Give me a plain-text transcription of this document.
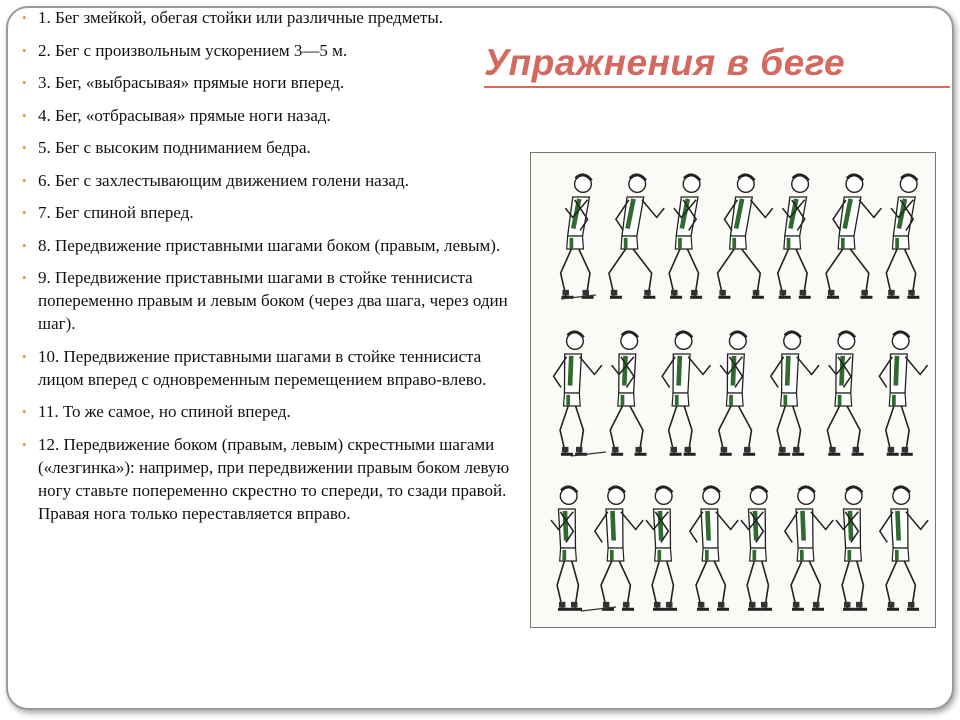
Упражнения в беге
• 1. Бег змейкой, обегая стойки или различные предметы.
• 2. Бег с произвольным ускорением 3—5 м.
• 3. Бег, «выбрасывая» прямые ноги вперед.
• 4. Бег, «отбрасывая» прямые ноги назад.
• 5. Бег с высоким подниманием бедра.
• 6. Бег с захлестывающим движением голени назад.
• 7. Бег спиной вперед.
• 8. Передвижение приставными шагами боком (правым, левым).
• 9. Передвижение приставными шагами в стойке теннисиста попеременно правым и левым боком (через два шага, через один шаг).
• 10. Передвижение приставными шагами в стойке теннисиста лицом вперед с одновременным перемещением вправо-влево.
• 11. То же самое, но спиной вперед.
• 12. Передвижение боком (правым, левым) скрестными шагами («лезгинка»): например, при передвижении правым боком левую ногу ставьте попеременно скрестно то спереди, то сзади правой. Правая нога только переставляется вправо.
